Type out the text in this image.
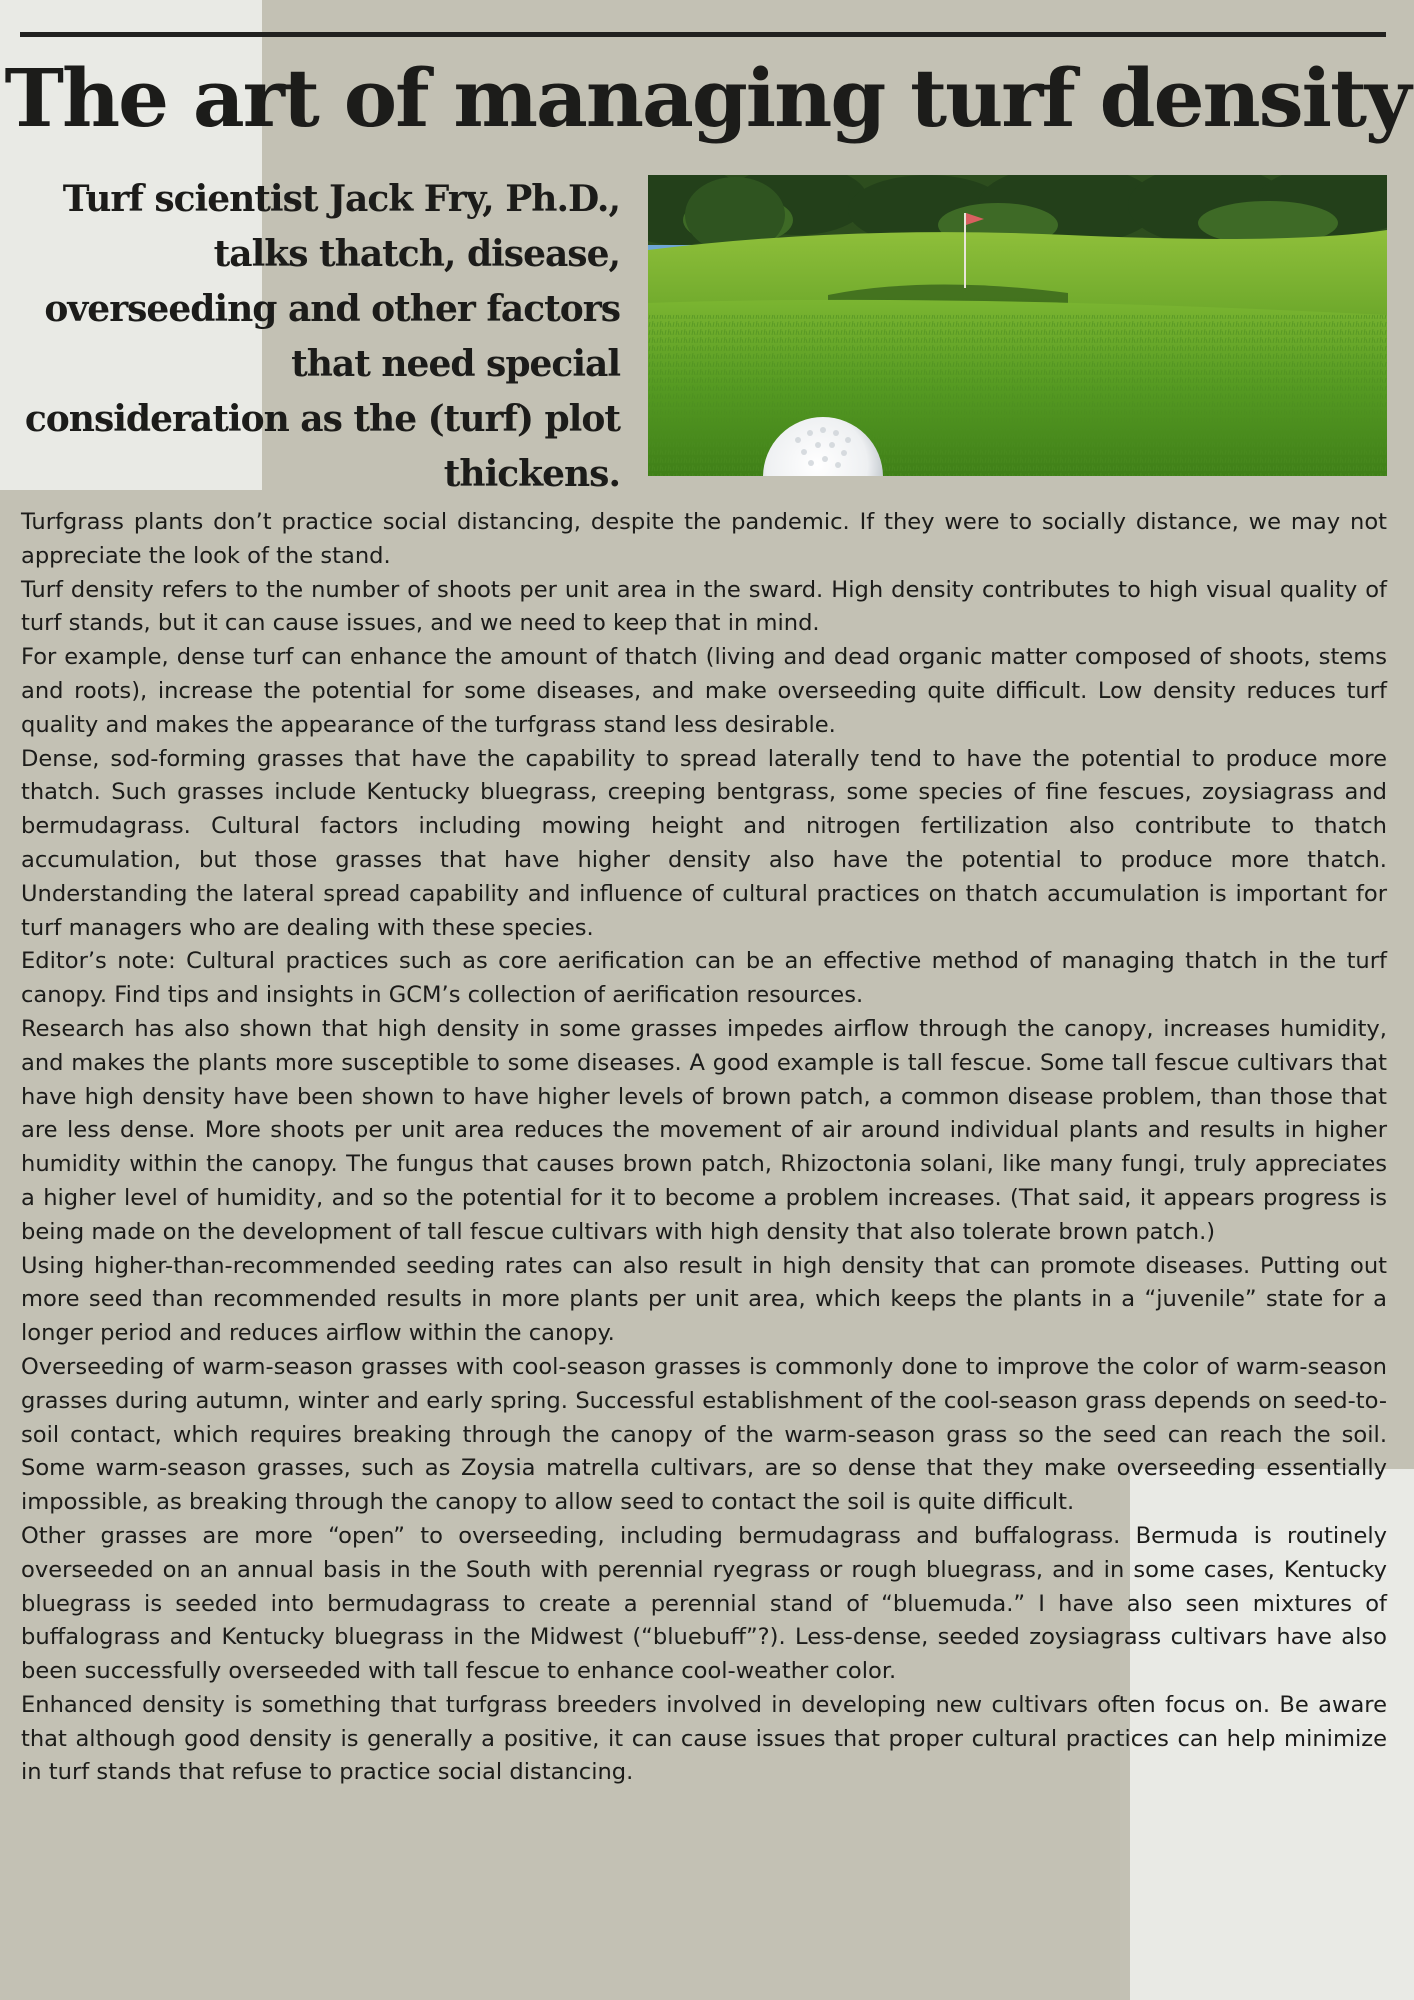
The art of managing turf density

Turf scientist Jack Fry, Ph.D., talks thatch, disease, overseeding and other factors that need special consideration as the (turf) plot thickens.

Turfgrass plants don’t practice social distancing, despite the pandemic. If they were to socially distance, we may not appreciate the look of the stand.

Turf density refers to the number of shoots per unit area in the sward. High density contributes to high visual quality of turf stands, but it can cause issues, and we need to keep that in mind.

For example, dense turf can enhance the amount of thatch (living and dead organic matter composed of shoots, stems and roots), increase the potential for some diseases, and make overseeding quite difficult. Low density reduces turf quality and makes the appearance of the turfgrass stand less desirable.

Dense, sod-forming grasses that have the capability to spread laterally tend to have the potential to produce more thatch. Such grasses include Kentucky bluegrass, creeping bentgrass, some species of fine fescues, zoysiagrass and bermudagrass. Cultural factors including mowing height and nitrogen fertilization also contribute to thatch accumulation, but those grasses that have higher density also have the potential to produce more thatch. Understanding the lateral spread capability and influence of cultural practices on thatch accumulation is important for turf managers who are dealing with these species.

Editor’s note: Cultural practices such as core aerification can be an effective method of managing thatch in the turf canopy. Find tips and insights in GCM’s collection of aerification resources.

Research has also shown that high density in some grasses impedes airflow through the canopy, increases humidity, and makes the plants more susceptible to some diseases. A good example is tall fescue. Some tall fescue cultivars that have high density have been shown to have higher levels of brown patch, a common disease problem, than those that are less dense. More shoots per unit area reduces the movement of air around individual plants and results in higher humidity within the canopy. The fungus that causes brown patch, Rhizoctonia solani, like many fungi, truly appreciates a higher level of humidity, and so the potential for it to become a problem increases. (That said, it appears progress is being made on the development of tall fescue cultivars with high density that also tolerate brown patch.)

Using higher-than-recommended seeding rates can also result in high density that can promote diseases. Putting out more seed than recommended results in more plants per unit area, which keeps the plants in a “juvenile” state for a longer period and reduces airflow within the canopy.

Overseeding of warm-season grasses with cool-season grasses is commonly done to improve the color of warm-season grasses during autumn, winter and early spring. Successful establishment of the cool-season grass depends on seed-to-soil contact, which requires breaking through the canopy of the warm-season grass so the seed can reach the soil. Some warm-season grasses, such as Zoysia matrella cultivars, are so dense that they make overseeding essentially impossible, as breaking through the canopy to allow seed to contact the soil is quite difficult.

Other grasses are more “open” to overseeding, including bermudagrass and buffalograss. Bermuda is routinely overseeded on an annual basis in the South with perennial ryegrass or rough bluegrass, and in some cases, Kentucky bluegrass is seeded into bermudagrass to create a perennial stand of “bluemuda.” I have also seen mixtures of buffalograss and Kentucky bluegrass in the Midwest (“bluebuff”?). Less-dense, seeded zoysiagrass cultivars have also been successfully overseeded with tall fescue to enhance cool-weather color.

Enhanced density is something that turfgrass breeders involved in developing new cultivars often focus on. Be aware that although good density is generally a positive, it can cause issues that proper cultural practices can help minimize in turf stands that refuse to practice social distancing.
